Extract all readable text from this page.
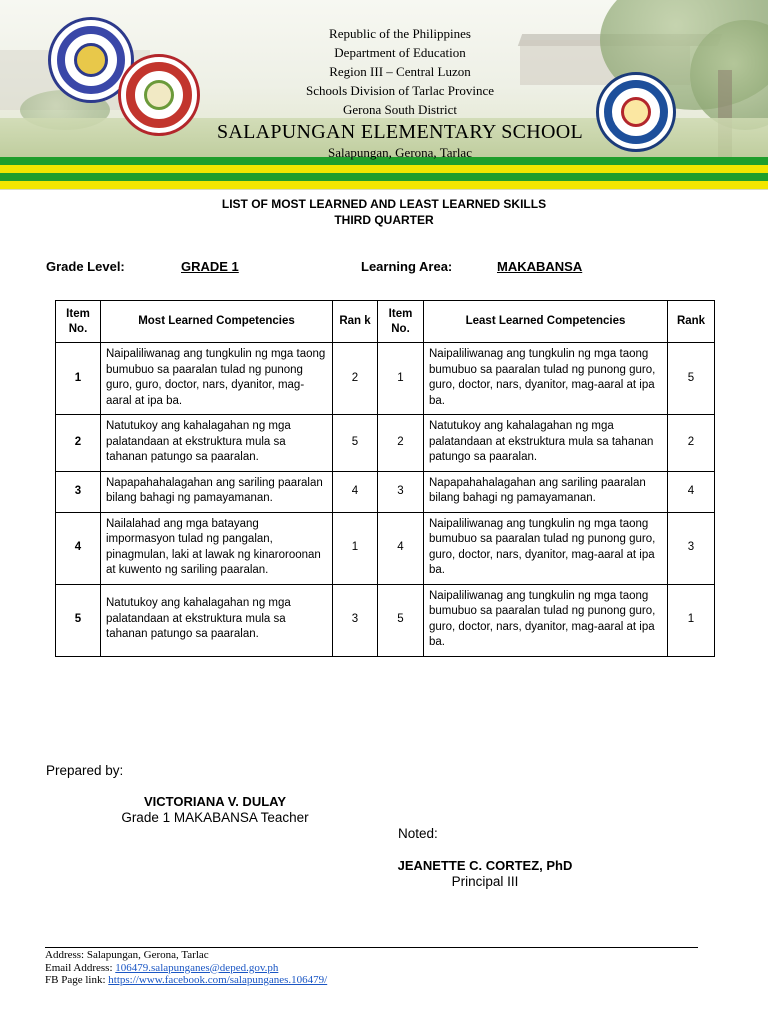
Republic of the Philippines
Department of Education
Region III – Central Luzon
Schools Division of Tarlac Province
Gerona South District
SALAPUNGAN ELEMENTARY SCHOOL
Salapungan, Gerona, Tarlac
LIST OF MOST LEARNED AND LEAST LEARNED SKILLS
THIRD QUARTER
Grade Level:	GRADE 1	Learning Area:	MAKABANSA
Item No.	Most Learned Competencies	Ran k	Item No.	Least Learned Competencies	Rank
1	Naipaliliwanag ang tungkulin ng mga taong bumubuo sa paaralan tulad ng punong guro, guro, doctor, nars, dyanitor, mag-aaral at ipa ba.	2	1	Naipaliliwanag ang tungkulin ng mga taong bumubuo sa paaralan tulad ng punong guro, guro, doctor, nars, dyanitor, mag-aaral at ipa ba.	5
2	Natutukoy ang kahalagahan ng mga palatandaan at ekstruktura mula sa tahanan patungo sa paaralan.	5	2	Natutukoy ang kahalagahan ng mga palatandaan at ekstruktura mula sa tahanan patungo sa paaralan.	2
3	Napapahahalagahan ang sariling paaralan bilang bahagi ng pamayamanan.	4	3	Napapahahalagahan ang sariling paaralan bilang bahagi ng pamayamanan.	4
4	Nailalahad ang mga batayang impormasyon tulad ng pangalan, pinagmulan, laki at lawak ng kinaroroonan at kuwento ng sariling paaralan.	1	4	Naipaliliwanag ang tungkulin ng mga taong bumubuo sa paaralan tulad ng punong guro, guro, doctor, nars, dyanitor, mag-aaral at ipa ba.	3
5	Natutukoy ang kahalagahan ng mga palatandaan at ekstruktura mula sa tahanan patungo sa paaralan.	3	5	Naipaliliwanag ang tungkulin ng mga taong bumubuo sa paaralan tulad ng punong guro, guro, doctor, nars, dyanitor, mag-aaral at ipa ba.	1
Prepared by:
VICTORIANA V. DULAY
Grade 1 MAKABANSA Teacher
Noted:
JEANETTE C. CORTEZ, PhD
Principal III
Address: Salapungan, Gerona, Tarlac
Email Address: 106479.salapunganes@deped.gov.ph
FB Page link: https://www.facebook.com/salapunganes.106479/
